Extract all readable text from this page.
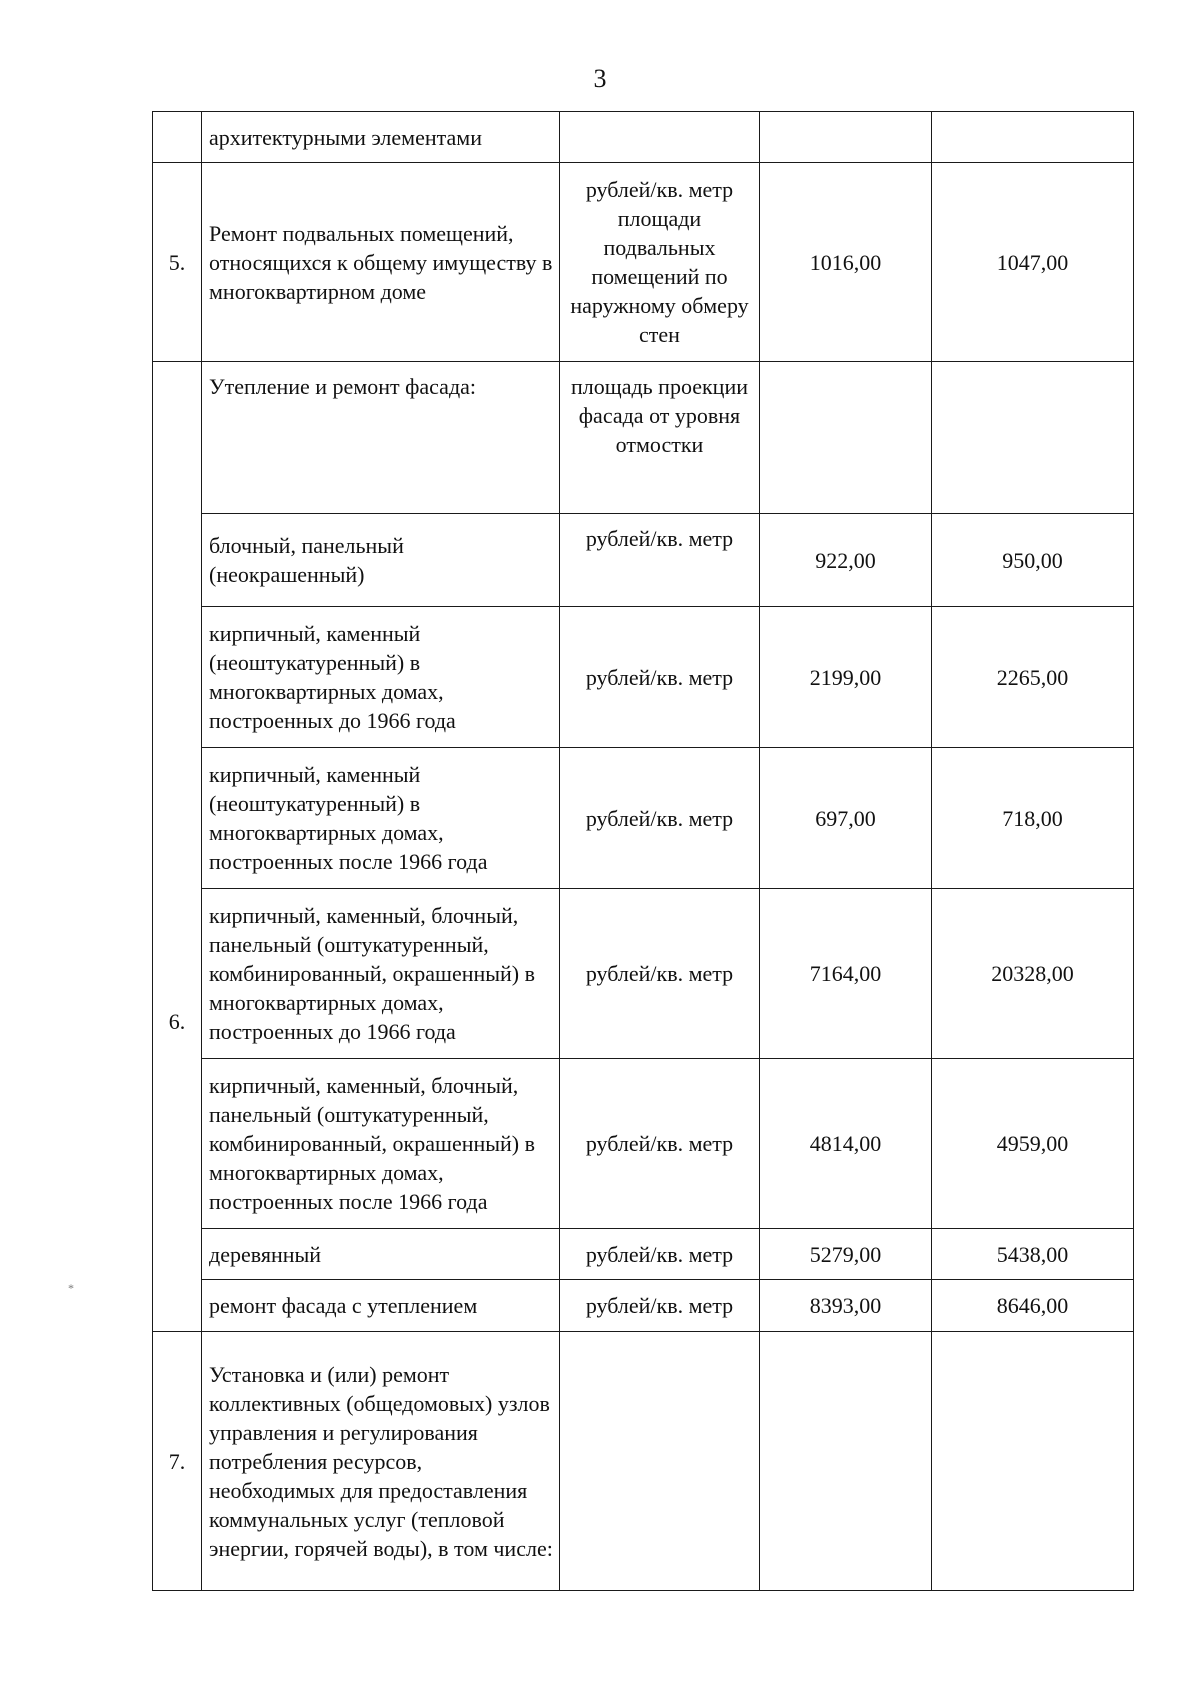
3
*
	архитектурными элементами			
5.	Ремонт подвальных помещений, относящихся к общему имуществу в многоквартирном доме	рублей/кв. метр площади подвальных помещений по наружному обмеру стен	1016,00	1047,00
6.	Утепление и ремонт фасада:	площадь проекции фасада от уровня отмостки		
	блочный, панельный (неокрашенный)	рублей/кв. метр	922,00	950,00
	кирпичный, каменный (неоштукатуренный) в многоквартирных домах, построенных до 1966 года	рублей/кв. метр	2199,00	2265,00
	кирпичный, каменный (неоштукатуренный) в многоквартирных домах, построенных после 1966 года	рублей/кв. метр	697,00	718,00
	кирпичный, каменный, блочный, панельный (оштукатуренный, комбинированный, окрашенный) в многоквартирных домах, построенных до 1966 года	рублей/кв. метр	7164,00	20328,00
	кирпичный, каменный, блочный, панельный (оштукатуренный, комбинированный, окрашенный) в многоквартирных домах, построенных после 1966 года	рублей/кв. метр	4814,00	4959,00
	деревянный	рублей/кв. метр	5279,00	5438,00
	ремонт фасада с утеплением	рублей/кв. метр	8393,00	8646,00
7.	Установка и (или) ремонт коллективных (общедомовых) узлов управления и регулирования потребления ресурсов, необходимых для предоставления коммунальных услуг (тепловой энергии, горячей воды), в том числе:			
